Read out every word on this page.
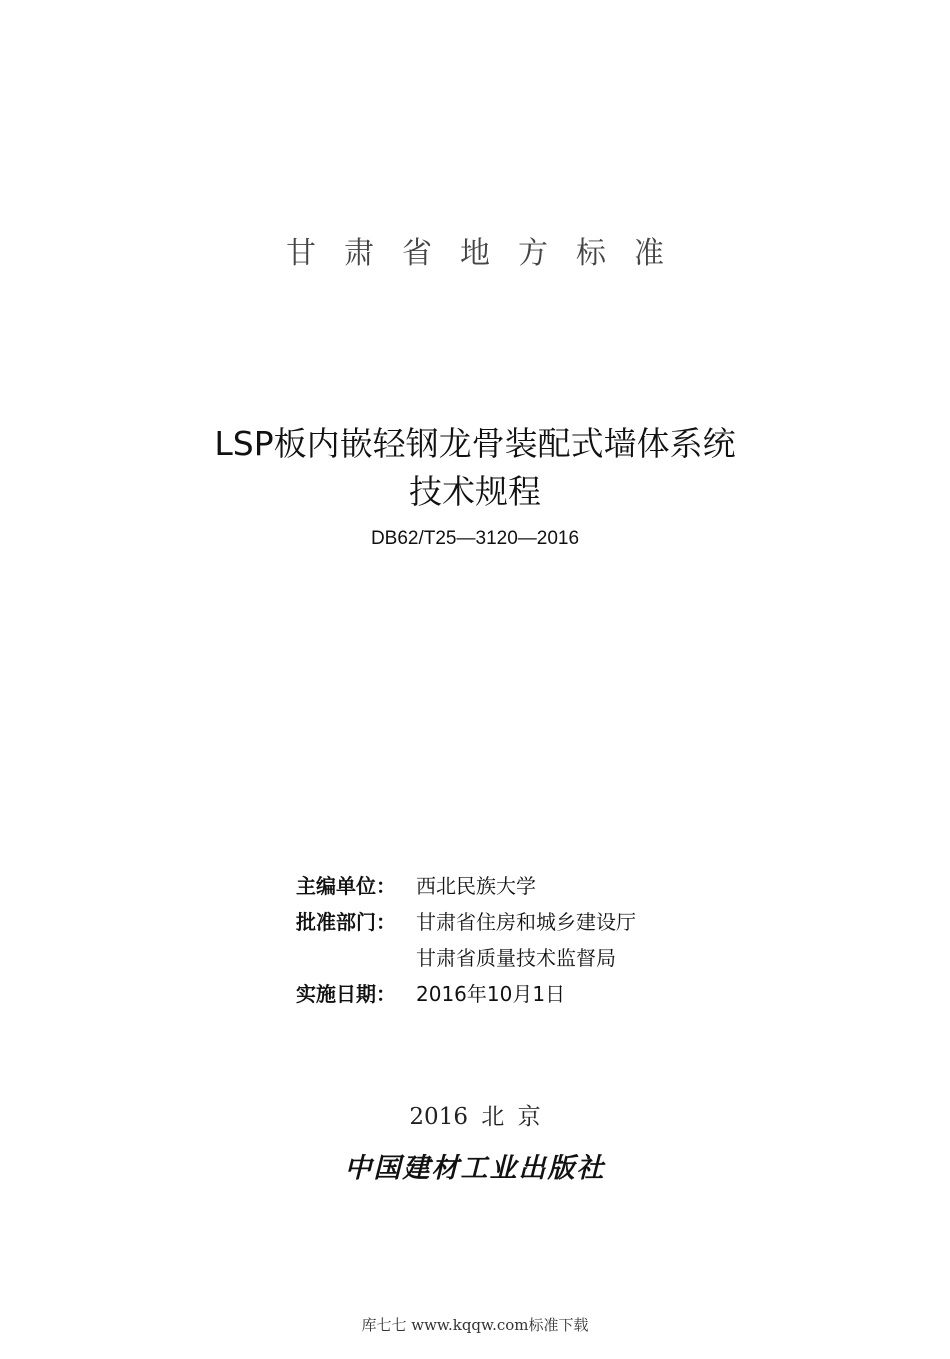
甘肃省地方标准
LSP板内嵌轻钢龙骨装配式墙体系统
技术规程
DB62/T25—3120—2016
主编单位： 西北民族大学
批准部门： 甘肃省住房和城乡建设厅
甘肃省质量技术监督局
实施日期： 2016年10月1日
2016 北 京
中国建材工业出版社
库七七 www.kqqw.com标准下载
